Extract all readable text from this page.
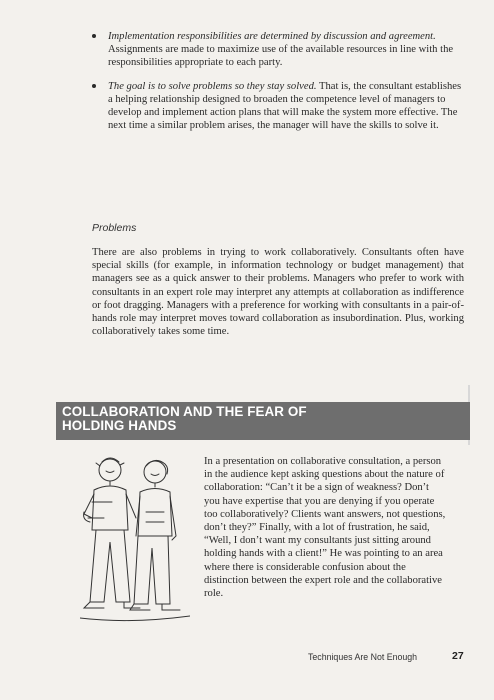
Implementation responsibilities are determined by discussion and agreement. Assignments are made to maximize use of the available resources in line with the responsibilities appropriate to each party.
The goal is to solve problems so they stay solved. That is, the consultant establishes a helping relationship designed to broaden the competence level of managers to develop and implement action plans that will make the system more effective. The next time a similar problem arises, the manager will have the skills to solve it.
Problems
There are also problems in trying to work collaboratively. Consultants often have special skills (for example, in information technology or budget management) that managers see as a quick answer to their problems. Managers who prefer to work with consultants in an expert role may interpret any attempts at collaboration as indifference or foot dragging. Managers with a preference for working with consultants in a pair-of-hands role may interpret moves toward collaboration as insubordination. Plus, working collaboratively takes some time.
COLLABORATION AND THE FEAR OF
HOLDING HANDS
In a presentation on collaborative consultation, a person in the audience kept asking questions about the nature of collaboration: “Can’t it be a sign of weakness? Don’t you have expertise that you are denying if you operate too collaboratively? Clients want answers, not questions, don’t they?” Finally, with a lot of frustration, he said, “Well, I don’t want my consultants just sitting around holding hands with a client!” He was pointing to an area where there is considerable confusion about the distinction between the expert role and the collaborative role.
Techniques Are Not Enough	27
